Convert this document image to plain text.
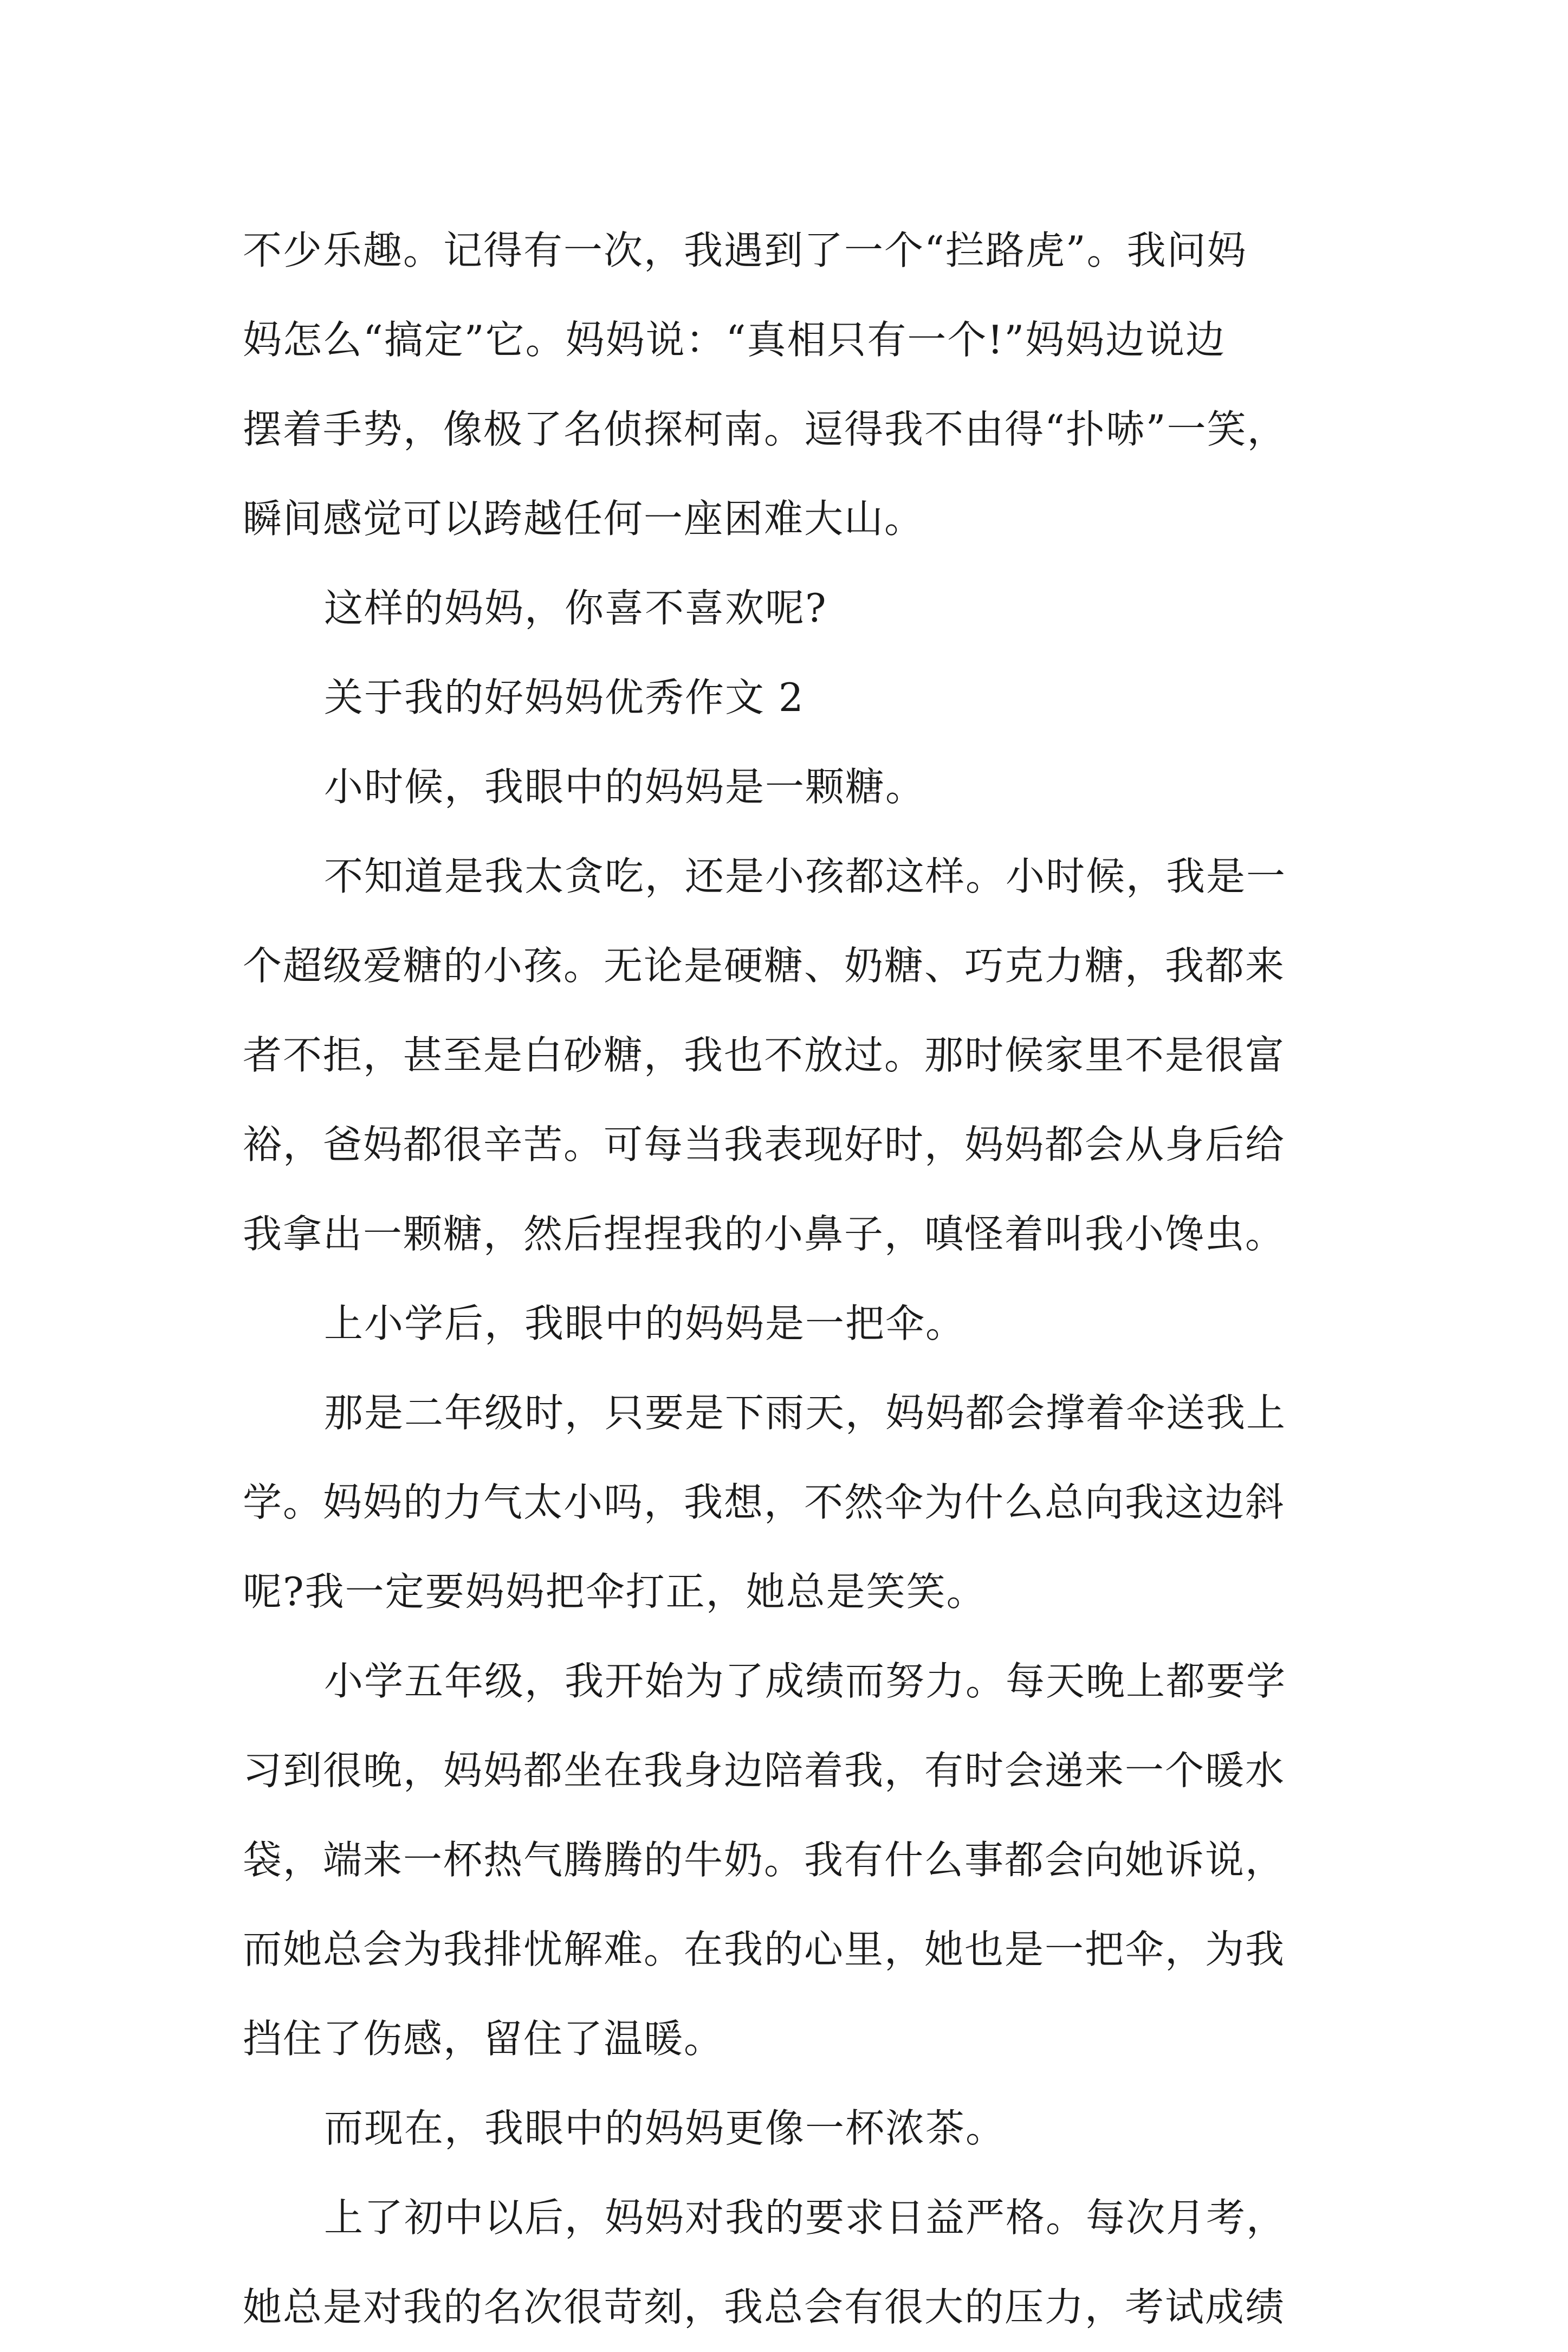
不少乐趣。记得有一次，我遇到了一个“拦路虎”。我问妈
妈怎么“搞定”它。妈妈说：“真相只有一个!”妈妈边说边
摆着手势，像极了名侦探柯南。逗得我不由得“扑哧”一笑，
瞬间感觉可以跨越任何一座困难大山。
这样的妈妈，你喜不喜欢呢?
关于我的好妈妈优秀作文 2
小时候，我眼中的妈妈是一颗糖。
不知道是我太贪吃，还是小孩都这样。小时候，我是一
个超级爱糖的小孩。无论是硬糖、奶糖、巧克力糖，我都来
者不拒，甚至是白砂糖，我也不放过。那时候家里不是很富
裕，爸妈都很辛苦。可每当我表现好时，妈妈都会从身后给
我拿出一颗糖，然后捏捏我的小鼻子，嗔怪着叫我小馋虫。
上小学后，我眼中的妈妈是一把伞。
那是二年级时，只要是下雨天，妈妈都会撑着伞送我上
学。妈妈的力气太小吗，我想，不然伞为什么总向我这边斜
呢?我一定要妈妈把伞打正，她总是笑笑。
小学五年级，我开始为了成绩而努力。每天晚上都要学
习到很晚，妈妈都坐在我身边陪着我，有时会递来一个暖水
袋，端来一杯热气腾腾的牛奶。我有什么事都会向她诉说，
而她总会为我排忧解难。在我的心里，她也是一把伞，为我
挡住了伤感，留住了温暖。
而现在，我眼中的妈妈更像一杯浓茶。
上了初中以后，妈妈对我的要求日益严格。每次月考，
她总是对我的名次很苛刻，我总会有很大的压力，考试成绩
